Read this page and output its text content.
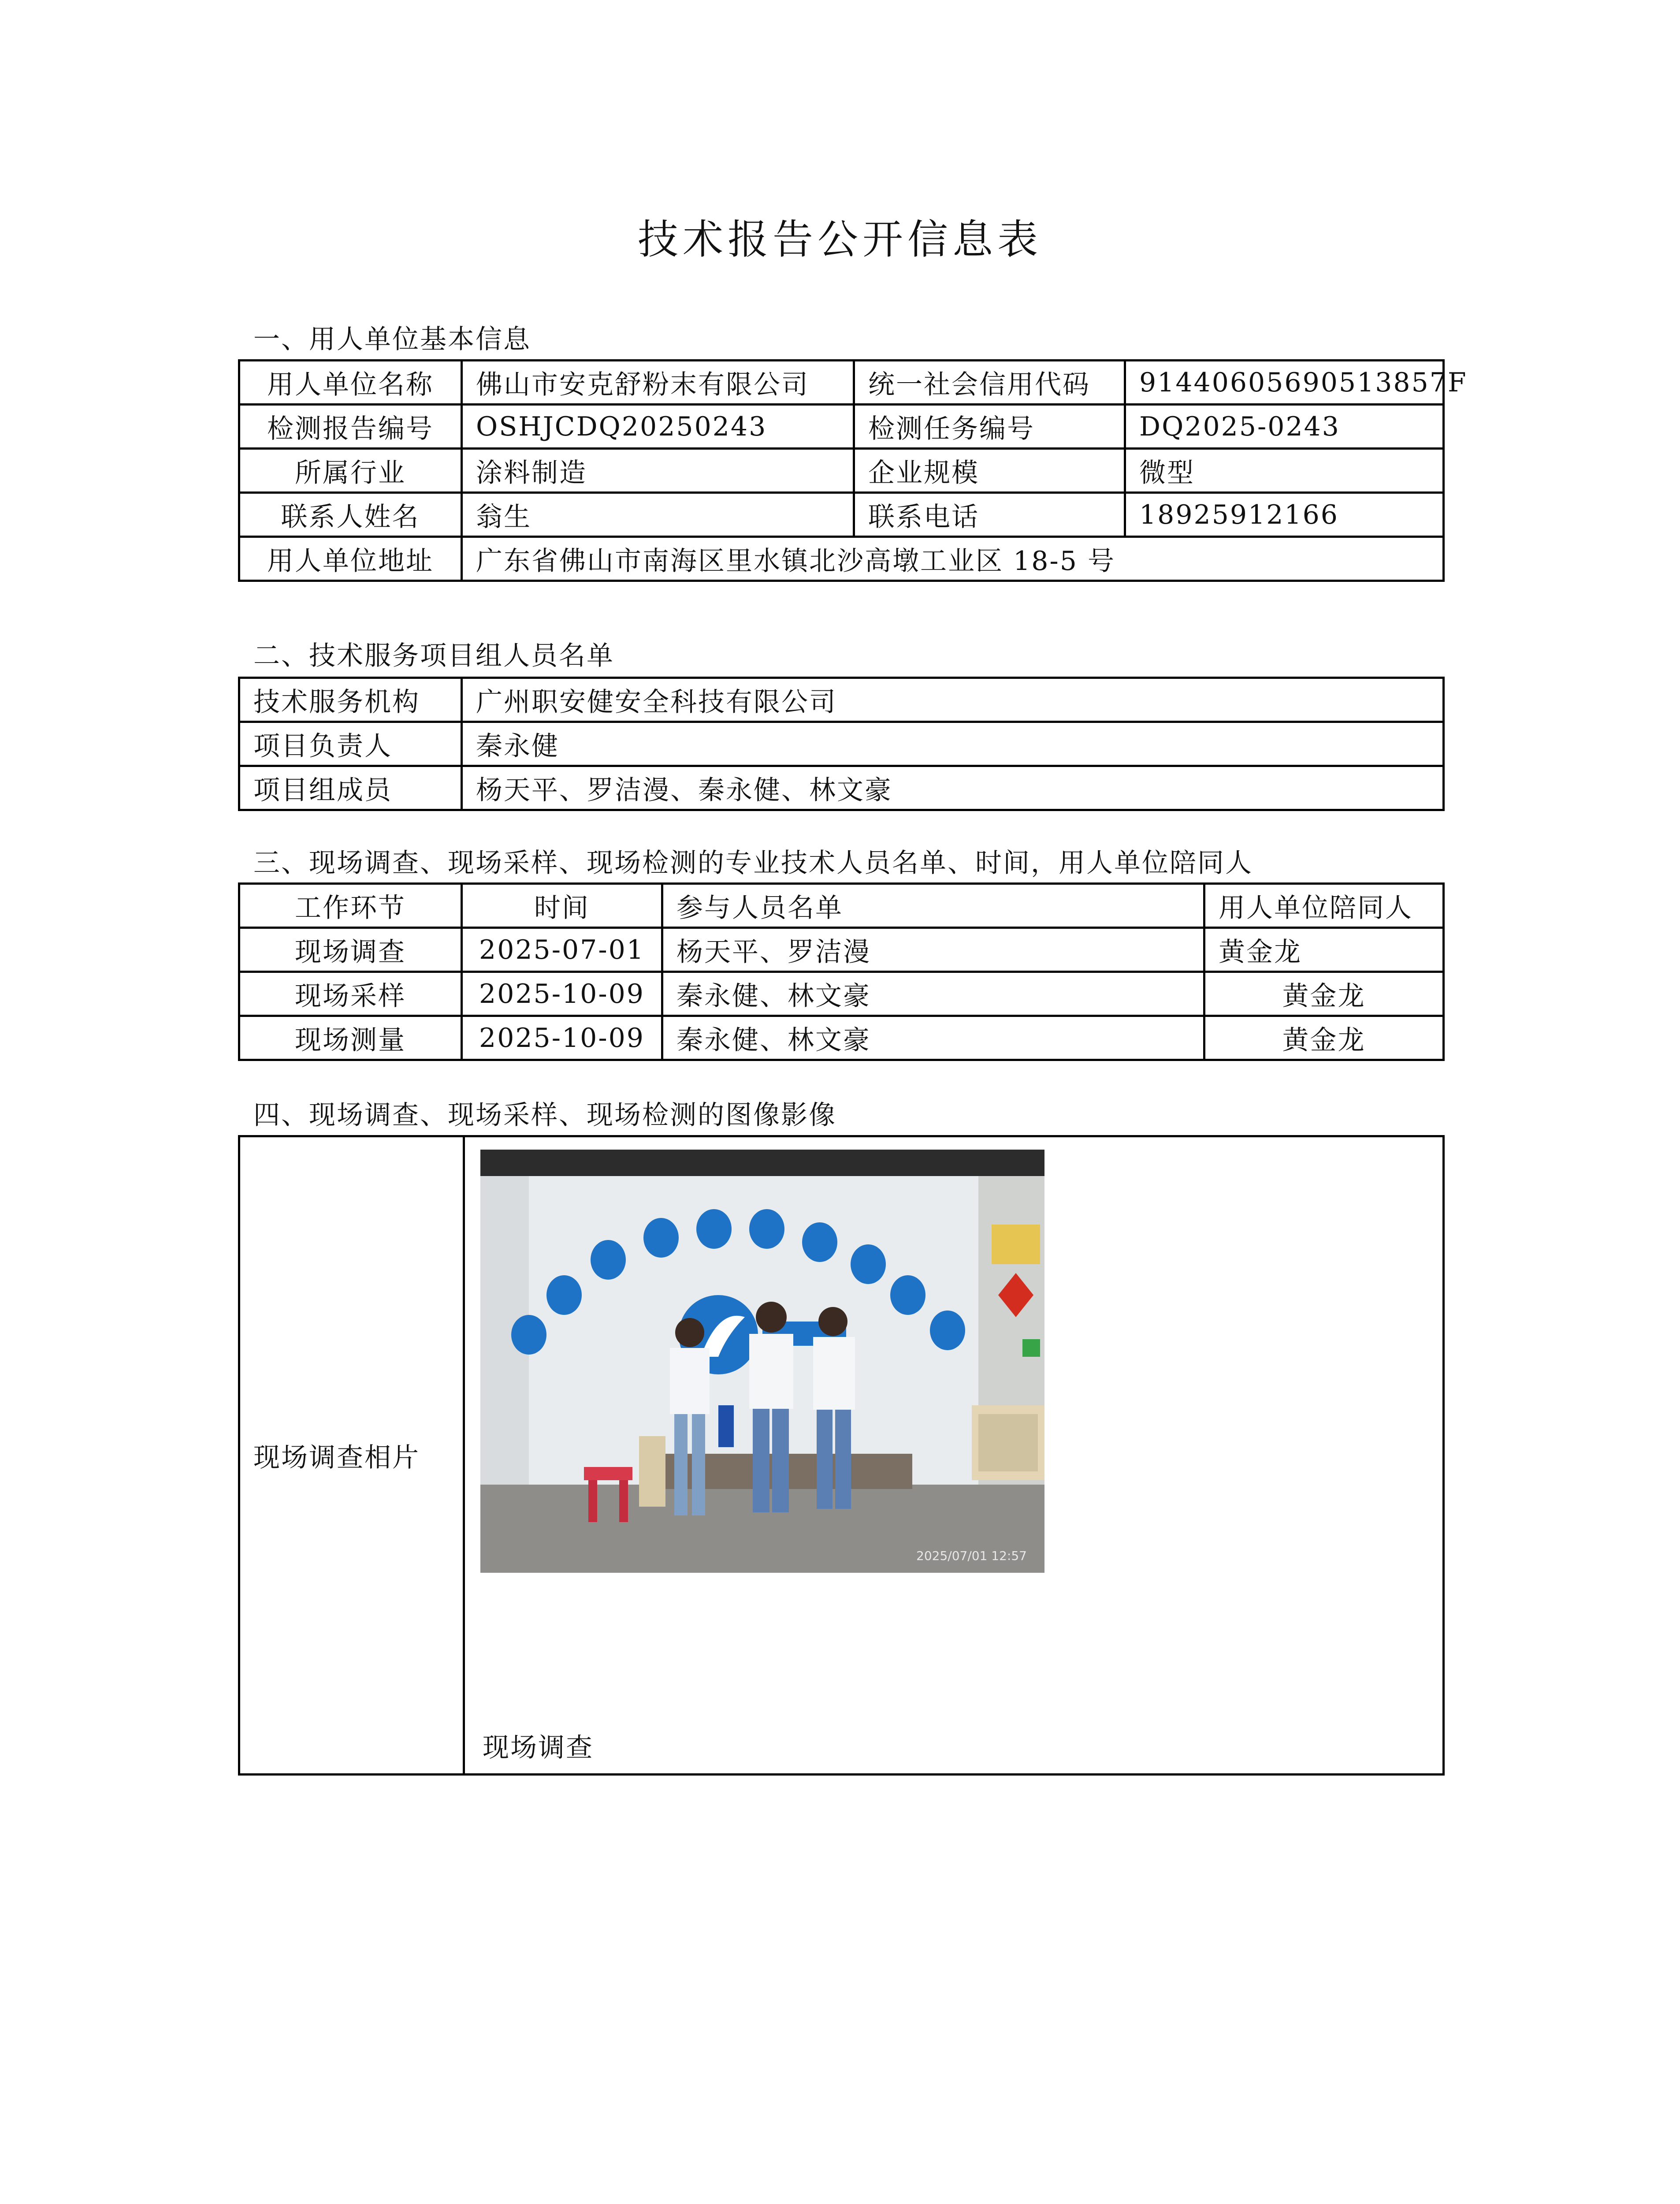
技术报告公开信息表
一、用人单位基本信息
用人单位名称	佛山市安克舒粉末有限公司	统一社会信用代码	91440605690513857F
检测报告编号	OSHJCDQ20250243	检测任务编号	DQ2025-0243
所属行业	涂料制造	企业规模	微型
联系人姓名	翁生	联系电话	18925912166
用人单位地址	广东省佛山市南海区里水镇北沙高墩工业区 18-5 号		
二、技术服务项目组人员名单
技术服务机构	广州职安健安全科技有限公司
项目负责人	秦永健
项目组成员	杨天平、罗洁漫、秦永健、林文豪
三、现场调查、现场采样、现场检测的专业技术人员名单、时间，用人单位陪同人
工作环节	时间	参与人员名单	用人单位陪同人
现场调查	2025-07-01	杨天平、罗洁漫	黄金龙
现场采样	2025-10-09	秦永健、林文豪	黄金龙
现场测量	2025-10-09	秦永健、林文豪	黄金龙
四、现场调查、现场采样、现场检测的图像影像
现场调查相片	
2025/07/01 12:57
现场调查
